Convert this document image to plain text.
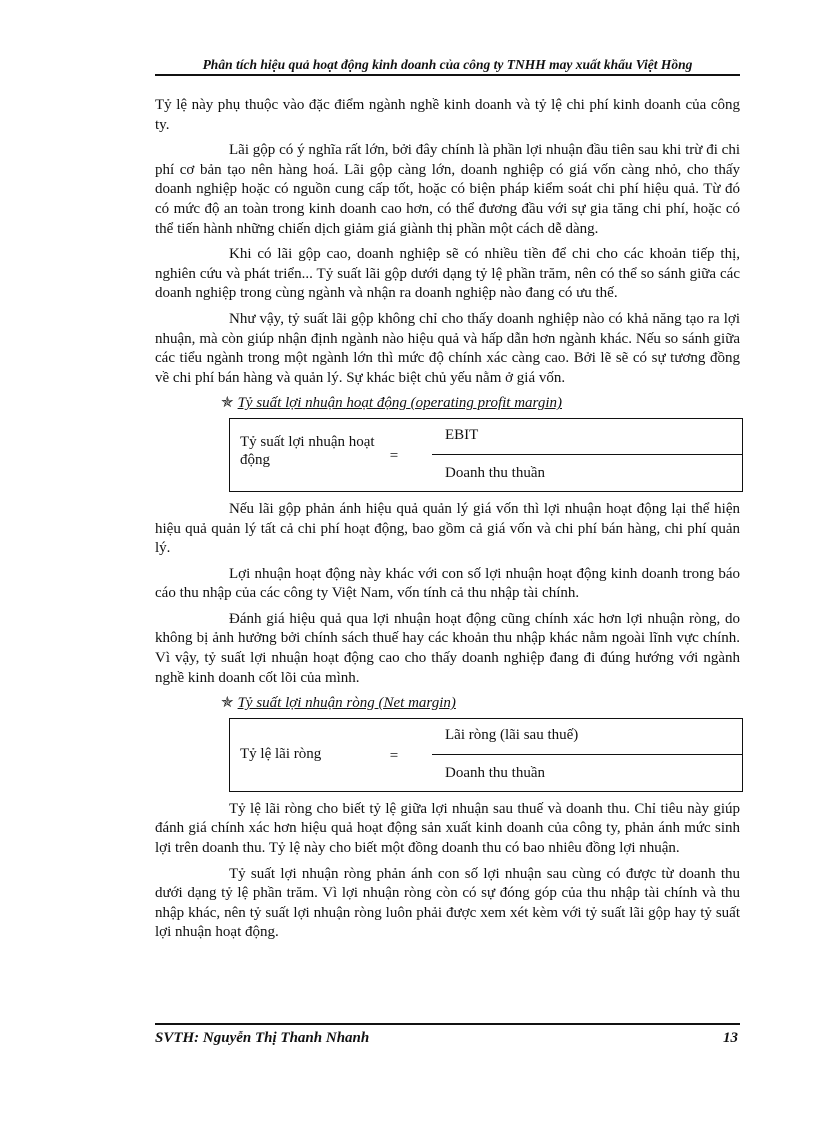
Phân tích hiệu quả hoạt động kinh doanh của công ty TNHH may xuất khẩu Việt Hồng

Tỷ lệ này phụ thuộc vào đặc điểm ngành nghề kinh doanh và tỷ lệ chi phí kinh doanh của công ty.

Lãi gộp có ý nghĩa rất lớn, bởi đây chính là phần lợi nhuận đầu tiên sau khi trừ đi chi phí cơ bản tạo nên hàng hoá. Lãi gộp càng lớn, doanh nghiệp có giá vốn càng nhỏ, cho thấy doanh nghiệp hoặc có nguồn cung cấp tốt, hoặc có biện pháp kiểm soát chi phí hiệu quả. Từ đó có mức độ an toàn trong kinh doanh cao hơn, có thể đương đầu với sự gia tăng chi phí, hoặc có thể tiến hành những chiến dịch giảm giá giành thị phần một cách dễ dàng.

Khi có lãi gộp cao, doanh nghiệp sẽ có nhiều tiền để chi cho các khoản tiếp thị, nghiên cứu và phát triển... Tỷ suất lãi gộp dưới dạng tỷ lệ phần trăm, nên có thể so sánh giữa các doanh nghiệp trong cùng ngành và nhận ra doanh nghiệp nào đang có ưu thế.

Như vậy, tỷ suất lãi gộp không chỉ cho thấy doanh nghiệp nào có khả năng tạo ra lợi nhuận, mà còn giúp nhận định ngành nào hiệu quả và hấp dẫn hơn ngành khác. Nếu so sánh giữa các tiểu ngành trong một ngành lớn thì mức độ chính xác càng cao. Bởi lẽ sẽ có sự tương đồng về chi phí bán hàng và quản lý. Sự khác biệt chủ yếu nằm ở giá vốn.

✯ Tỷ suất lợi nhuận hoạt động (operating profit margin)
Tỷ suất lợi nhuận hoạt động	=
EBIT
Doanh thu thuần

Nếu lãi gộp phản ánh hiệu quả quản lý giá vốn thì lợi nhuận hoạt động lại thể hiện hiệu quả quản lý tất cả chi phí hoạt động, bao gồm cả giá vốn và chi phí bán hàng, chi phí quản lý.

Lợi nhuận hoạt động này khác với con số lợi nhuận hoạt động kinh doanh trong báo cáo thu nhập của các công ty Việt Nam, vốn tính cả thu nhập tài chính.

Đánh giá hiệu quả qua lợi nhuận hoạt động cũng chính xác hơn lợi nhuận ròng, do không bị ảnh hưởng bởi chính sách thuế hay các khoản thu nhập khác nằm ngoài lĩnh vực chính. Vì vậy, tỷ suất lợi nhuận hoạt động cao cho thấy doanh nghiệp đang đi đúng hướng với ngành nghề kinh doanh cốt lõi của mình.

✯ Tỷ suất lợi nhuận ròng (Net margin)
Tỷ lệ lãi ròng	=
Lãi ròng (lãi sau thuế)
Doanh thu thuần

Tỷ lệ lãi ròng cho biết tỷ lệ giữa lợi nhuận sau thuế và doanh thu. Chỉ tiêu này giúp đánh giá chính xác hơn hiệu quả hoạt động sản xuất kinh doanh của công ty, phản ánh mức sinh lợi trên doanh thu. Tỷ lệ này cho biết một đồng doanh thu có bao nhiêu đồng lợi nhuận.

Tỷ suất lợi nhuận ròng phản ánh con số lợi nhuận sau cùng có được từ doanh thu dưới dạng tỷ lệ phần trăm. Vì lợi nhuận ròng còn có sự đóng góp của thu nhập tài chính và thu nhập khác, nên tỷ suất lợi nhuận ròng luôn phải được xem xét kèm với tỷ suất lãi gộp hay tỷ suất lợi nhuận hoạt động.

SVTH: Nguyễn Thị Thanh Nhanh	13
